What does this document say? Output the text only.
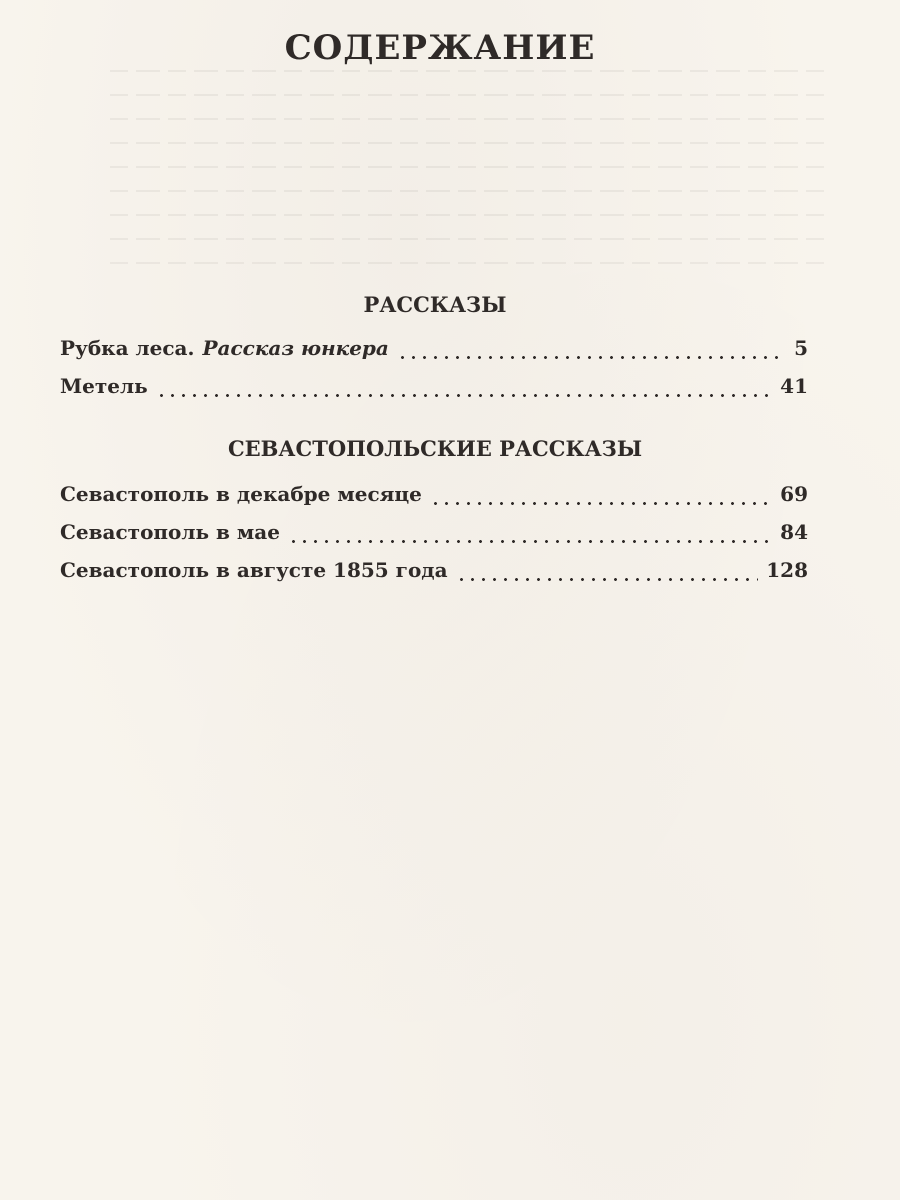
СОДЕРЖАНИЕ
РАССКАЗЫ
Рубка леса. Рассказ юнкера	5
Метель	41
СЕВАСТОПОЛЬСКИЕ РАССКАЗЫ
Севастополь в декабре месяце	69
Севастополь в мае	84
Севастополь в августе 1855 года	128
